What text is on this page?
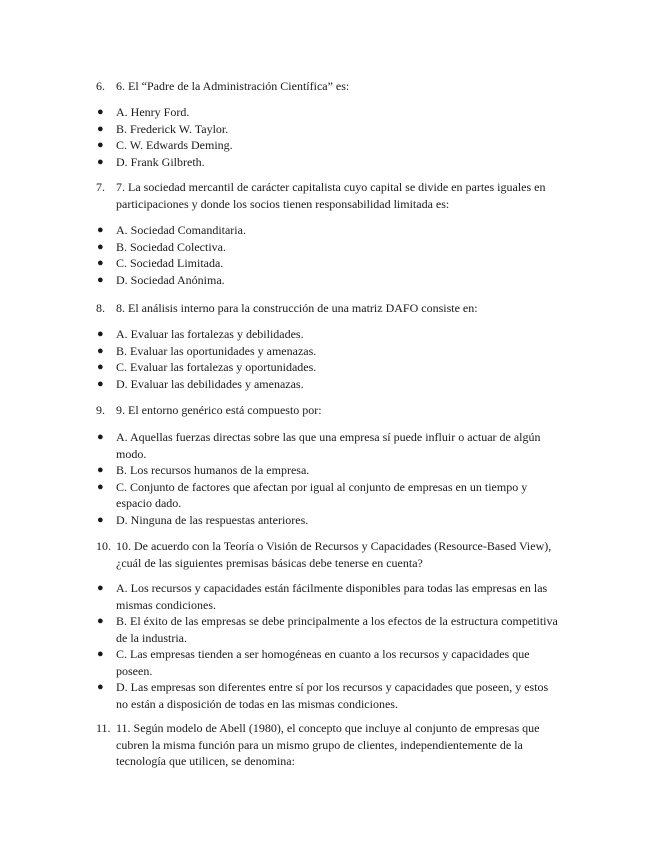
6. 6. El “Padre de la Administración Científica” es:
● A. Henry Ford.
● B. Frederick W. Taylor.
● C. W. Edwards Deming.
● D. Frank Gilbreth.
7. 7. La sociedad mercantil de carácter capitalista cuyo capital se divide en partes iguales en participaciones y donde los socios tienen responsabilidad limitada es:
● A. Sociedad Comanditaria.
● B. Sociedad Colectiva.
● C. Sociedad Limitada.
● D. Sociedad Anónima.
8. 8. El análisis interno para la construcción de una matriz DAFO consiste en:
● A. Evaluar las fortalezas y debilidades.
● B. Evaluar las oportunidades y amenazas.
● C. Evaluar las fortalezas y oportunidades.
● D. Evaluar las debilidades y amenazas.
9. 9. El entorno genérico está compuesto por:
● A. Aquellas fuerzas directas sobre las que una empresa sí puede influir o actuar de algún modo.
● B. Los recursos humanos de la empresa.
● C. Conjunto de factores que afectan por igual al conjunto de empresas en un tiempo y espacio dado.
● D. Ninguna de las respuestas anteriores.
10. 10. De acuerdo con la Teoría o Visión de Recursos y Capacidades (Resource-Based View), ¿cuál de las siguientes premisas básicas debe tenerse en cuenta?
● A. Los recursos y capacidades están fácilmente disponibles para todas las empresas en las mismas condiciones.
● B. El éxito de las empresas se debe principalmente a los efectos de la estructura competitiva de la industria.
● C. Las empresas tienden a ser homogéneas en cuanto a los recursos y capacidades que poseen.
● D. Las empresas son diferentes entre sí por los recursos y capacidades que poseen, y estos no están a disposición de todas en las mismas condiciones.
11. 11. Según modelo de Abell (1980), el concepto que incluye al conjunto de empresas que cubren la misma función para un mismo grupo de clientes, independientemente de la tecnología que utilicen, se denomina:
